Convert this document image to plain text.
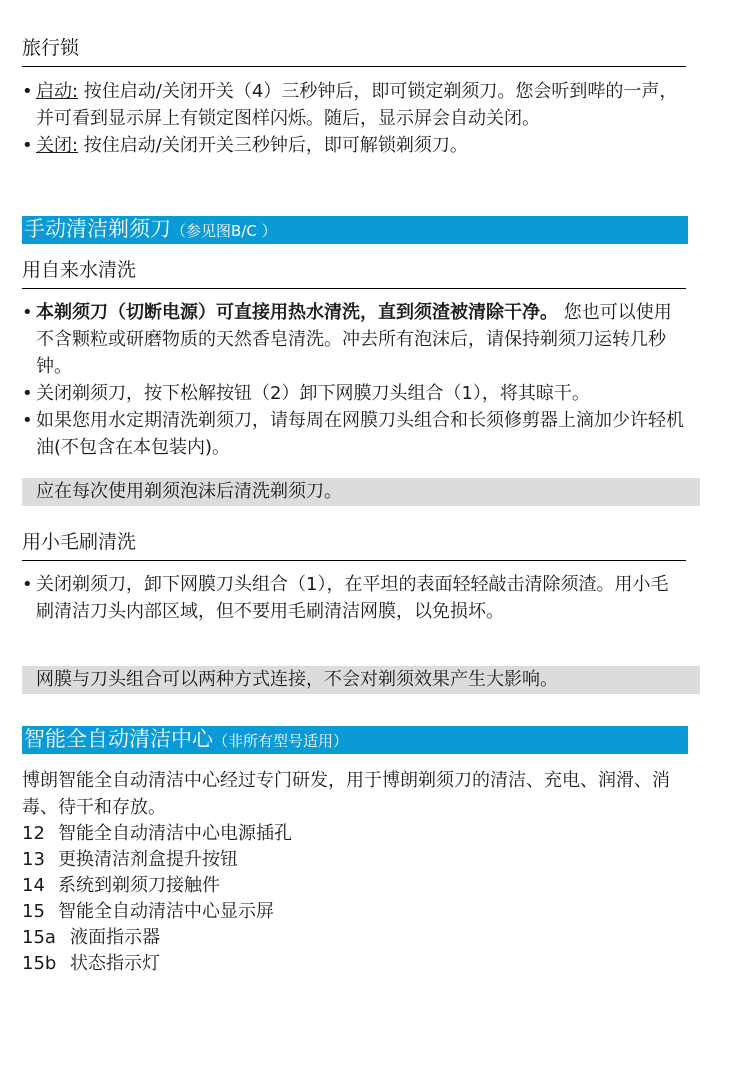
旅行锁
• 启动: 按住启动/关闭开关（4）三秒钟后，即可锁定剃须刀。您会听到哔的一声，并可看到显示屏上有锁定图样闪烁。随后，显示屏会自动关闭。
• 关闭: 按住启动/关闭开关三秒钟后，即可解锁剃须刀。
手动清洁剃须刀（参见图B/C ）
用自来水清洗
• 本剃须刀（切断电源）可直接用热水清洗，直到须渣被清除干净。 您也可以使用不含颗粒或研磨物质的天然香皂清洗。冲去所有泡沫后，请保持剃须刀运转几秒钟。
• 关闭剃须刀，按下松解按钮（2）卸下网膜刀头组合（1），将其晾干。
• 如果您用水定期清洗剃须刀，请每周在网膜刀头组合和长须修剪器上滴加少许轻机油(不包含在本包装内)。
应在每次使用剃须泡沫后清洗剃须刀。
用小毛刷清洗
• 关闭剃须刀，卸下网膜刀头组合（1），在平坦的表面轻轻敲击清除须渣。用小毛刷清洁刀头内部区域，但不要用毛刷清洁网膜，以免损坏。
网膜与刀头组合可以两种方式连接，不会对剃须效果产生大影响。
智能全自动清洁中心（非所有型号适用）

博朗智能全自动清洁中心经过专门研发，用于博朗剃须刀的清洁、充电、润滑、消毒、待干和存放。

12 智能全自动清洁中心电源插孔
13 更换清洁剂盒提升按钮
14 系统到剃须刀接触件
15 智能全自动清洁中心显示屏
15a 液面指示器
15b 状态指示灯
